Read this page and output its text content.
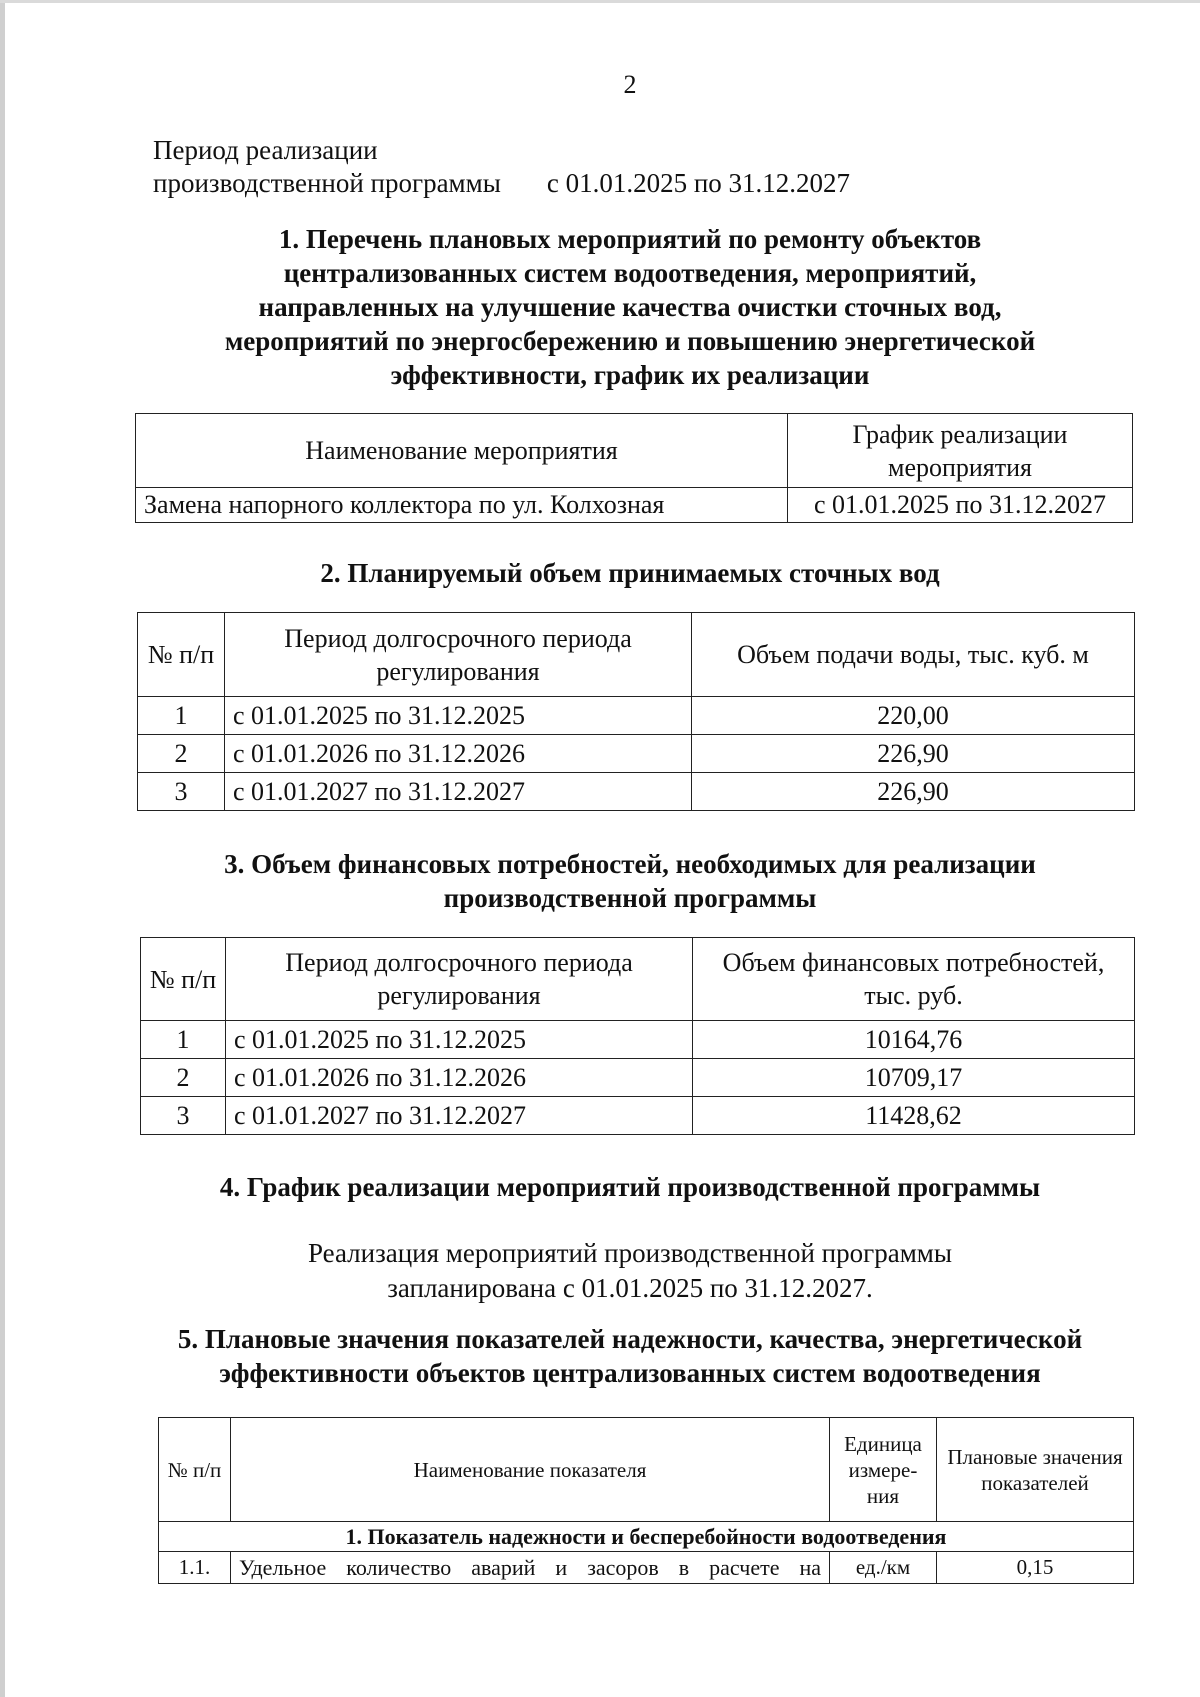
2
Период реализации
производственной программы с 01.01.2025 по 31.12.2027
1. Перечень плановых мероприятий по ремонту объектов
централизованных систем водоотведения, мероприятий,
направленных на улучшение качества очистки сточных вод,
мероприятий по энергосбережению и повышению энергетической
эффективности, график их реализации
Наименование мероприятия	График реализации мероприятия
Замена напорного коллектора по ул. Колхозная	с 01.01.2025 по 31.12.2027
2. Планируемый объем принимаемых сточных вод
№ п/п	Период долгосрочного периода регулирования	Объем подачи воды, тыс. куб. м
1	с 01.01.2025 по 31.12.2025	220,00
2	с 01.01.2026 по 31.12.2026	226,90
3	с 01.01.2027 по 31.12.2027	226,90
3. Объем финансовых потребностей, необходимых для реализации
производственной программы
№ п/п	Период долгосрочного периода регулирования	Объем финансовых потребностей, тыс. руб.
1	с 01.01.2025 по 31.12.2025	10164,76
2	с 01.01.2026 по 31.12.2026	10709,17
3	с 01.01.2027 по 31.12.2027	11428,62
4. График реализации мероприятий производственной программы
Реализация мероприятий производственной программы
запланирована с 01.01.2025 по 31.12.2027.
5. Плановые значения показателей надежности, качества, энергетической
эффективности объектов централизованных систем водоотведения
№ п/п	Наименование показателя	Единица измере-ния	Плановые значения показателей
1. Показатель надежности и бесперебойности водоотведения			
1.1.	Удельное количество аварий и засоров в расчете на	ед./км	0,15
